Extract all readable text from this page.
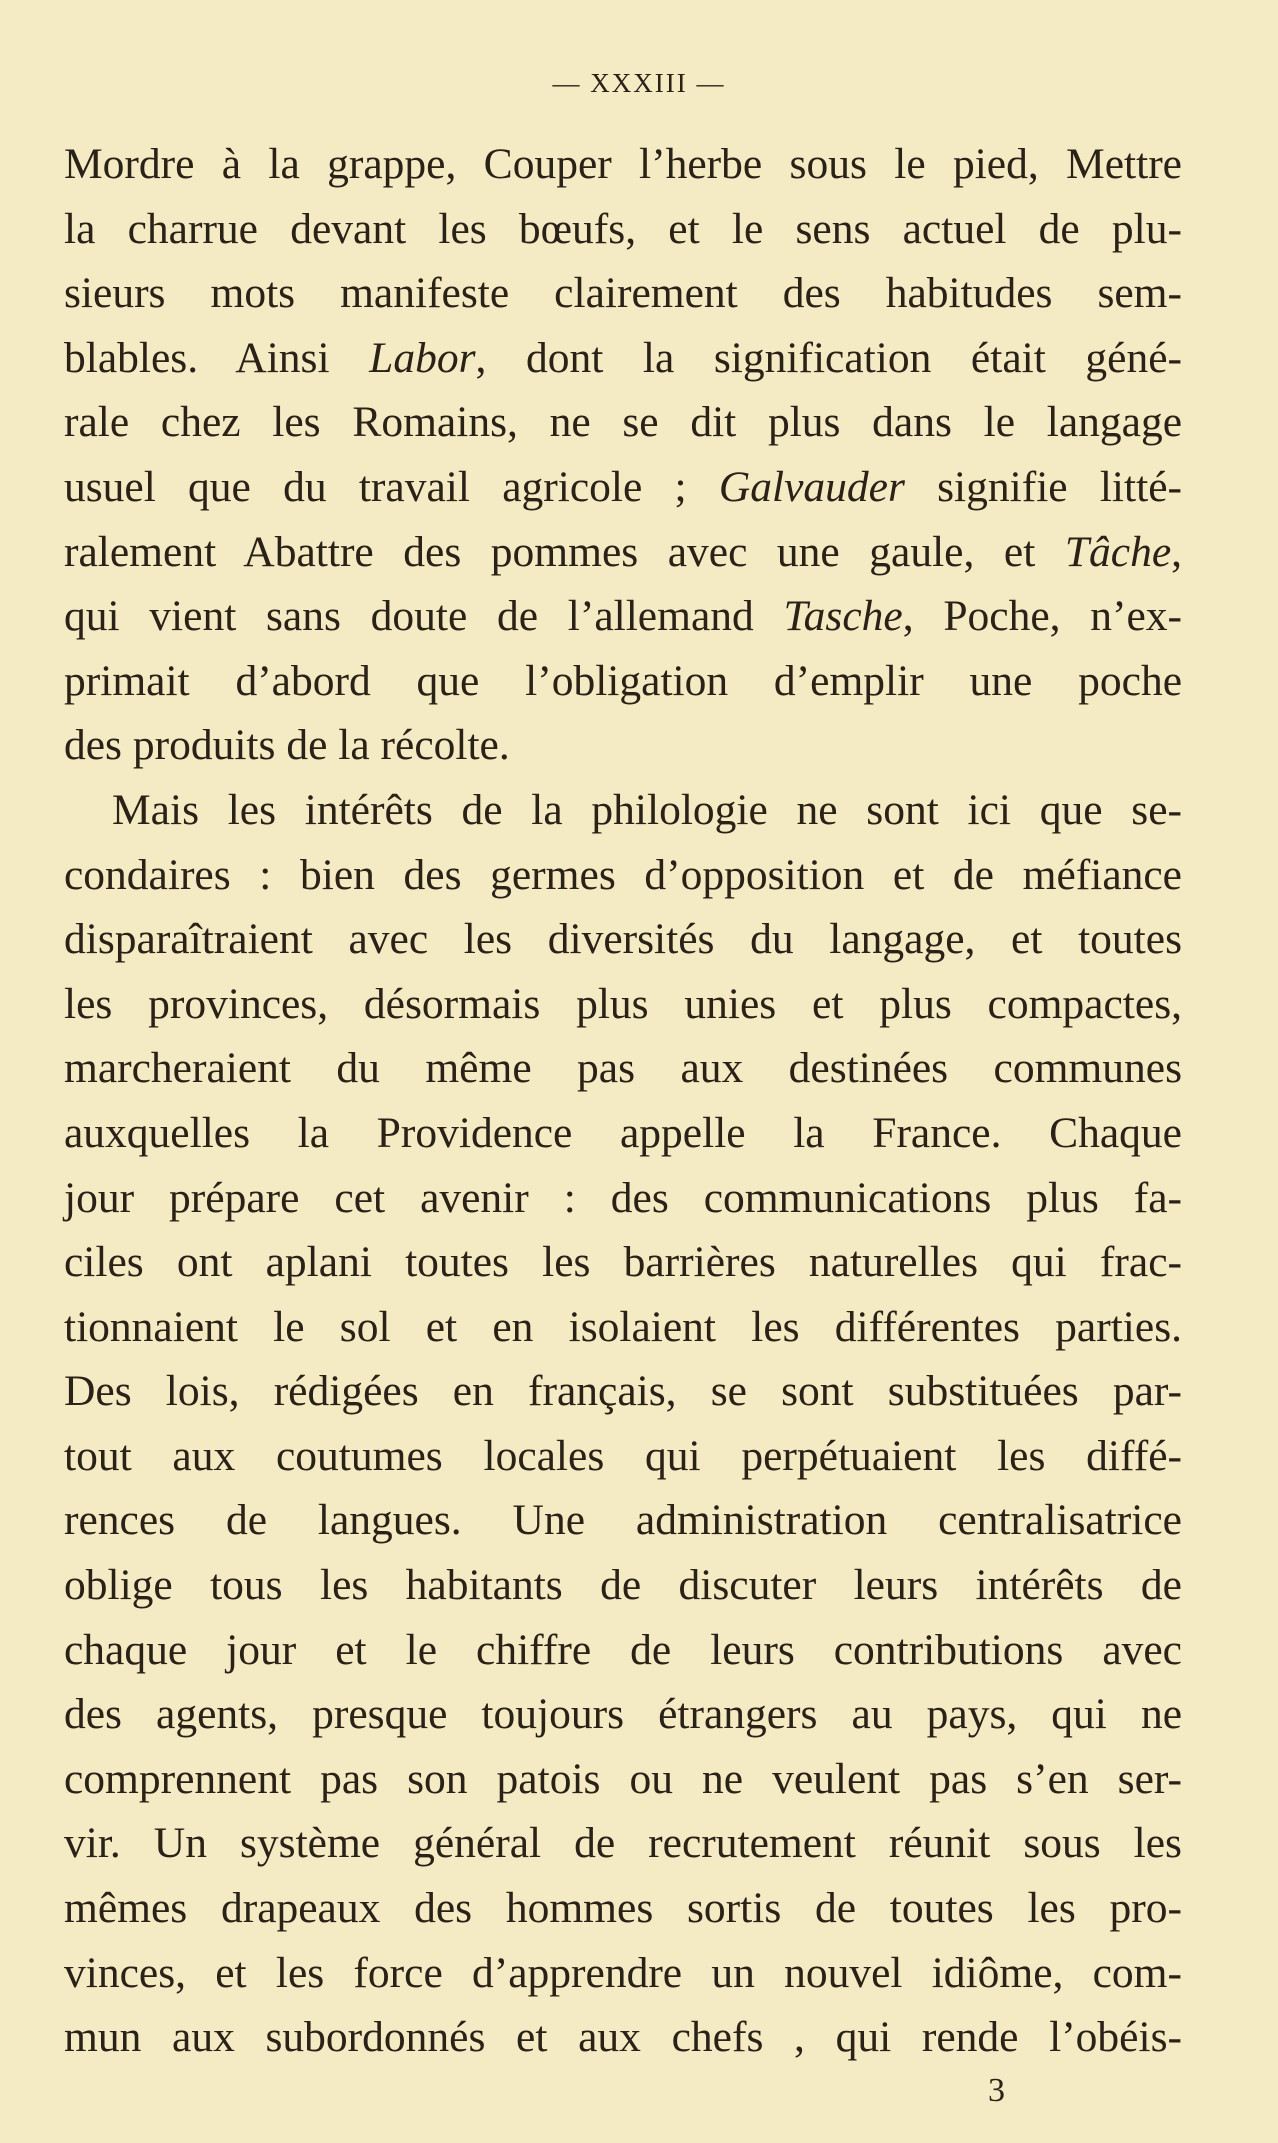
— XXXIII —
Mordre à la grappe, Couper l’herbe sous le pied, Mettre
la charrue devant les bœufs, et le sens actuel de plu-
sieurs mots manifeste clairement des habitudes sem-
blables. Ainsi Labor, dont la signification était géné-
rale chez les Romains, ne se dit plus dans le langage
usuel que du travail agricole ; Galvauder signifie litté-
ralement Abattre des pommes avec une gaule, et Tâche,
qui vient sans doute de l’allemand Tasche, Poche, n’ex-
primait d’abord que l’obligation d’emplir une poche
des produits de la récolte.
Mais les intérêts de la philologie ne sont ici que se-
condaires : bien des germes d’opposition et de méfiance
disparaîtraient avec les diversités du langage, et toutes
les provinces, désormais plus unies et plus compactes,
marcheraient du même pas aux destinées communes
auxquelles la Providence appelle la France. Chaque
jour prépare cet avenir : des communications plus fa-
ciles ont aplani toutes les barrières naturelles qui frac-
tionnaient le sol et en isolaient les différentes parties.
Des lois, rédigées en français, se sont substituées par-
tout aux coutumes locales qui perpétuaient les diffé-
rences de langues. Une administration centralisatrice
oblige tous les habitants de discuter leurs intérêts de
chaque jour et le chiffre de leurs contributions avec
des agents, presque toujours étrangers au pays, qui ne
comprennent pas son patois ou ne veulent pas s’en ser-
vir. Un système général de recrutement réunit sous les
mêmes drapeaux des hommes sortis de toutes les pro-
vinces, et les force d’apprendre un nouvel idiôme, com-
mun aux subordonnés et aux chefs , qui rende l’obéis-
3
